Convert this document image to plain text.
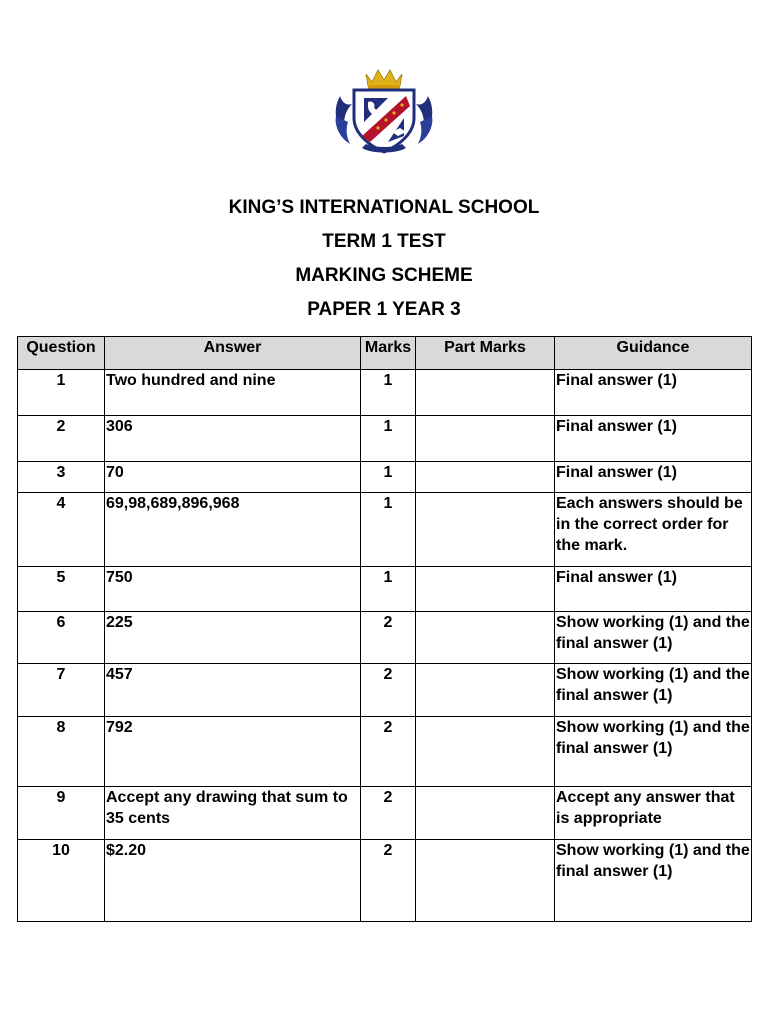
KING’S INTERNATIONAL SCHOOL
TERM 1 TEST
MARKING SCHEME
PAPER 1 YEAR 3
Question	Answer	Marks	Part Marks	Guidance
1	Two hundred and nine	1		Final answer (1)
2	306	1		Final answer (1)
3	70	1		Final answer (1)
4	69,98,689,896,968	1		Each answers should be in the correct order for the mark.
5	750	1		Final answer (1)
6	225	2		Show working (1) and the final answer (1)
7	457	2		Show working (1) and the final answer (1)
8	792	2		Show working (1) and the final answer (1)
9	Accept any drawing that sum to 35 cents	2		Accept any answer that is appropriate
10	$2.20	2		Show working (1) and the final answer (1)
